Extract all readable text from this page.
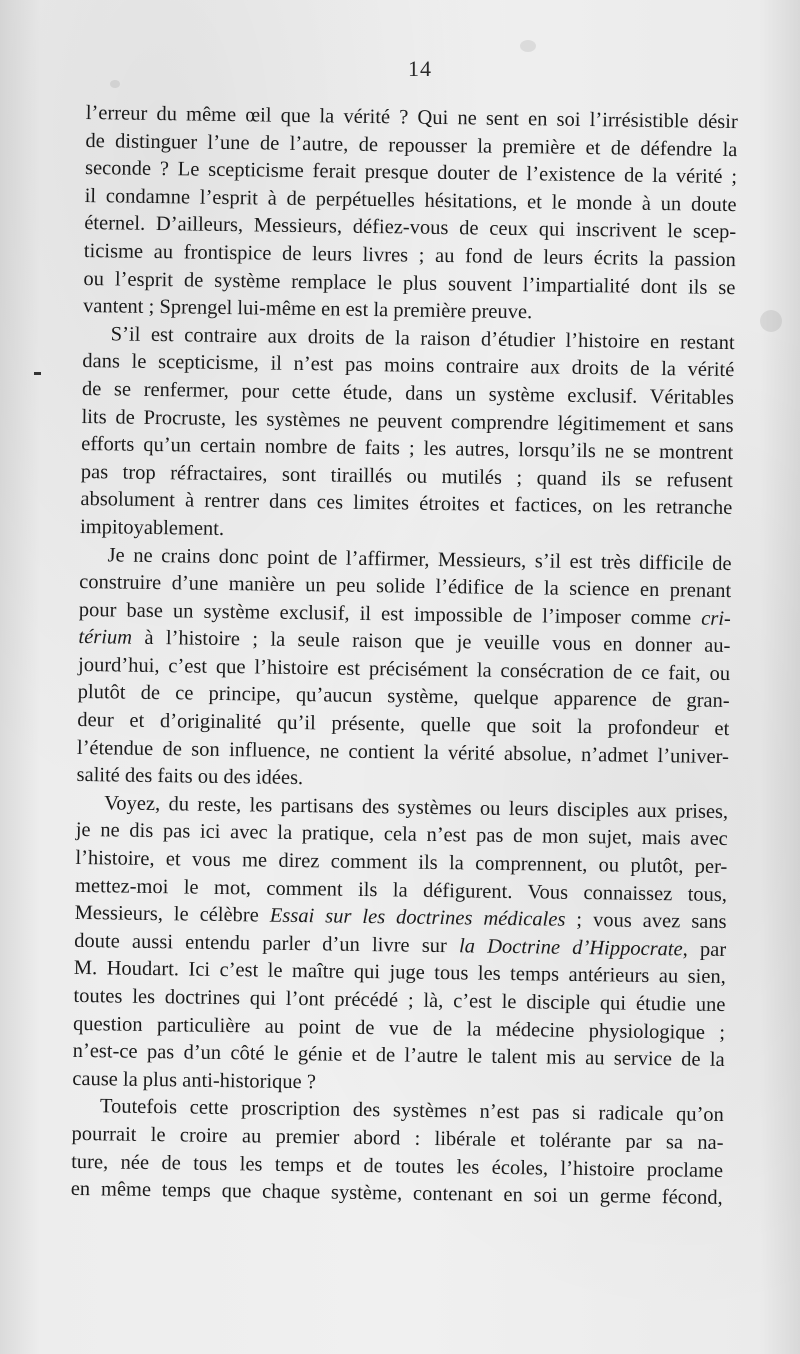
14
l’erreur du même œil que la vérité ? Qui ne sent en soi l’irrésistible désir
de distinguer l’une de l’autre, de repousser la première et de défendre la
seconde ? Le scepticisme ferait presque douter de l’existence de la vérité ;
il condamne l’esprit à de perpétuelles hésitations, et le monde à un doute
éternel. D’ailleurs, Messieurs, défiez-vous de ceux qui inscrivent le scep-
ticisme au frontispice de leurs livres ; au fond de leurs écrits la passion
ou l’esprit de système remplace le plus souvent l’impartialité dont ils se
vantent ; Sprengel lui-même en est la première preuve.
S’il est contraire aux droits de la raison d’étudier l’histoire en restant
dans le scepticisme, il n’est pas moins contraire aux droits de la vérité
de se renfermer, pour cette étude, dans un système exclusif. Véritables
lits de Procruste, les systèmes ne peuvent comprendre légitimement et sans
efforts qu’un certain nombre de faits ; les autres, lorsqu’ils ne se montrent
pas trop réfractaires, sont tiraillés ou mutilés ; quand ils se refusent
absolument à rentrer dans ces limites étroites et factices, on les retranche
impitoyablement.
Je ne crains donc point de l’affirmer, Messieurs, s’il est très difficile de
construire d’une manière un peu solide l’édifice de la science en prenant
pour base un système exclusif, il est impossible de l’imposer comme cri-
térium à l’histoire ; la seule raison que je veuille vous en donner au-
jourd’hui, c’est que l’histoire est précisément la consécration de ce fait, ou
plutôt de ce principe, qu’aucun système, quelque apparence de gran-
deur et d’originalité qu’il présente, quelle que soit la profondeur et
l’étendue de son influence, ne contient la vérité absolue, n’admet l’univer-
salité des faits ou des idées.
Voyez, du reste, les partisans des systèmes ou leurs disciples aux prises,
je ne dis pas ici avec la pratique, cela n’est pas de mon sujet, mais avec
l’histoire, et vous me direz comment ils la comprennent, ou plutôt, per-
mettez-moi le mot, comment ils la défigurent. Vous connaissez tous,
Messieurs, le célèbre Essai sur les doctrines médicales ; vous avez sans
doute aussi entendu parler d’un livre sur la Doctrine d’Hippocrate, par
M. Houdart. Ici c’est le maître qui juge tous les temps antérieurs au sien,
toutes les doctrines qui l’ont précédé ; là, c’est le disciple qui étudie une
question particulière au point de vue de la médecine physiologique ;
n’est-ce pas d’un côté le génie et de l’autre le talent mis au service de la
cause la plus anti-historique ?
Toutefois cette proscription des systèmes n’est pas si radicale qu’on
pourrait le croire au premier abord : libérale et tolérante par sa na-
ture, née de tous les temps et de toutes les écoles, l’histoire proclame
en même temps que chaque système, contenant en soi un germe fécond,
